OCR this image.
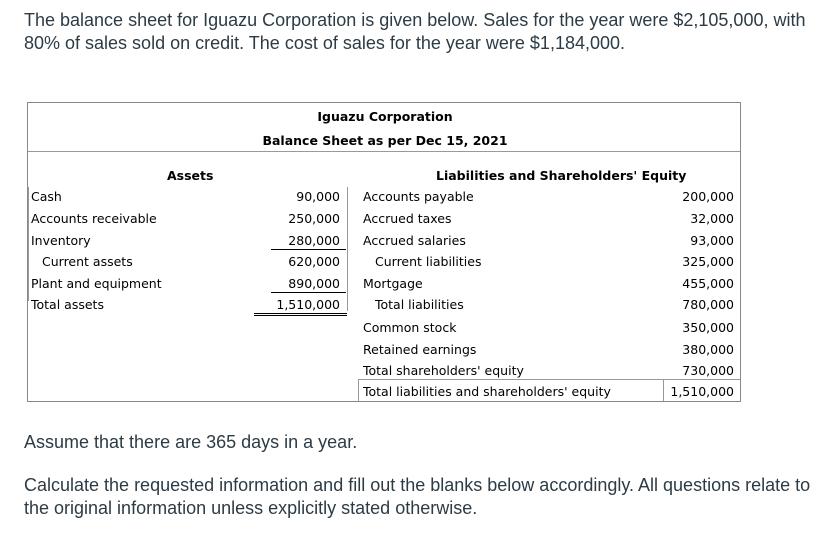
The balance sheet for Iguazu Corporation is given below. Sales for the year were $2,105,000, with 80% of sales sold on credit. The cost of sales for the year were $1,184,000.

Iguazu Corporation
Balance Sheet as per Dec 15, 2021
Assets	Liabilities and Shareholders' Equity
Cash	90,000
Accounts receivable	250,000
Inventory	280,000
Current assets	620,000
Plant and equipment	890,000
Total assets	1,510,000
Accounts payable	200,000
Accrued taxes	32,000
Accrued salaries	93,000
Current liabilities	325,000
Mortgage	455,000
Total liabilities	780,000
Common stock	350,000
Retained earnings	380,000
Total shareholders' equity	730,000
Total liabilities and shareholders' equity	1,510,000

Assume that there are 365 days in a year.

Calculate the requested information and fill out the blanks below accordingly. All questions relate to the original information unless explicitly stated otherwise.
